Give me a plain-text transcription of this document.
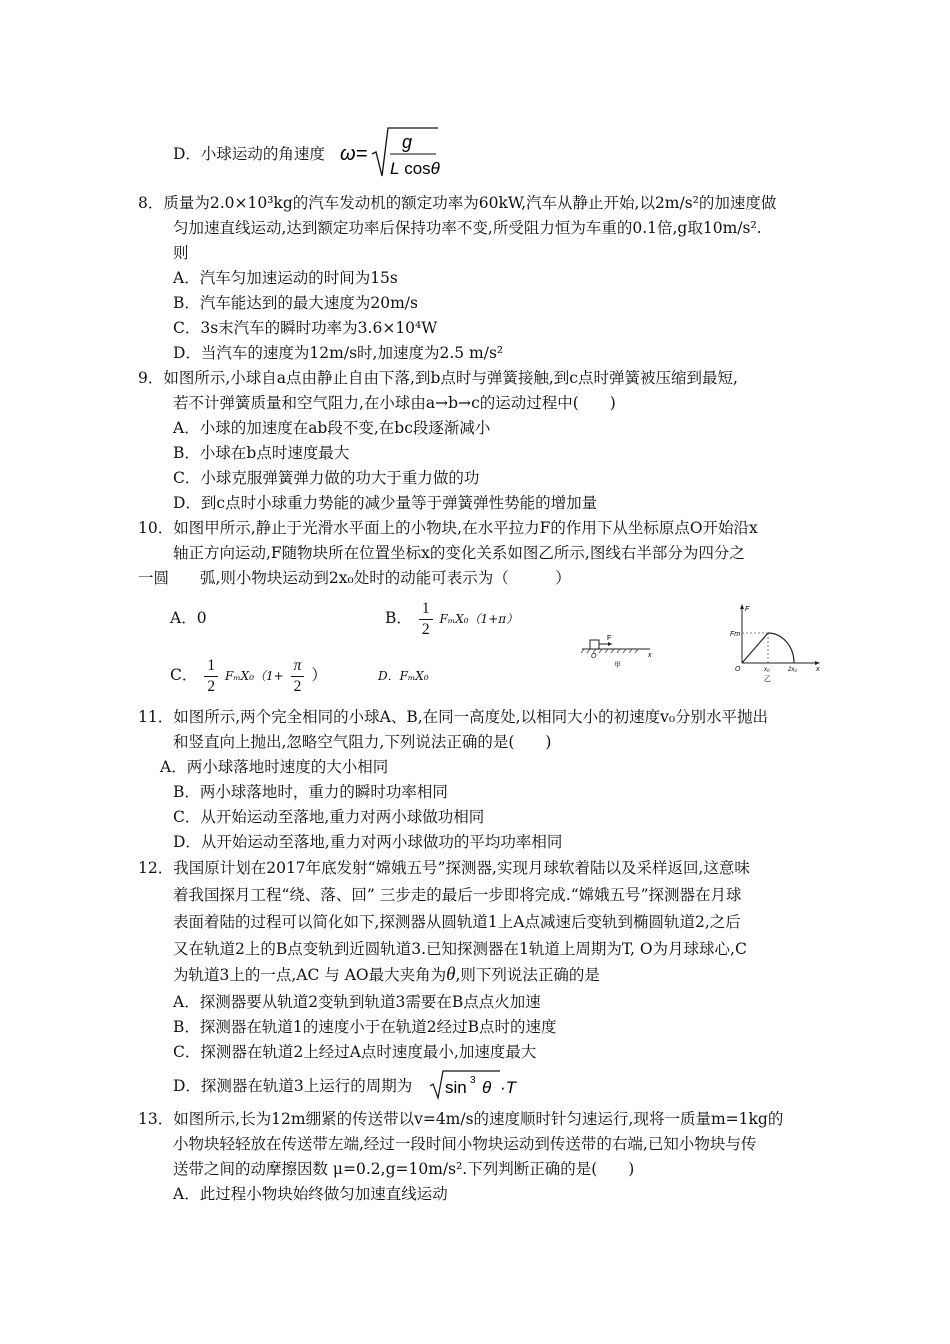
D．小球运动的角速度 ω =
g
L cosθ
8．质量为2.0×10³kg的汽车发动机的额定功率为60kW,汽车从静止开始,以2m/s²的加速度做
匀加速直线运动,达到额定功率后保持功率不变,所受阻力恒为车重的0.1倍,g取10m/s².
则
A．汽车匀加速运动的时间为15s
B．汽车能达到的最大速度为20m/s
C．3s末汽车的瞬时功率为3.6×10⁴W
D．当汽车的速度为12m/s时,加速度为2.5 m/s²
9．如图所示,小球自a点由静止自由下落,到b点时与弹簧接触,到c点时弹簧被压缩到最短,
若不计弹簧质量和空气阻力,在小球由a→b→c的运动过程中(　　)
A．小球的加速度在ab段不变,在bc段逐渐减小
B．小球在b点时速度最大
C．小球克服弹簧弹力做的功大于重力做的功
D．到c点时小球重力势能的减少量等于弹簧弹性势能的增加量
10．如图甲所示,静止于光滑水平面上的小物块,在水平拉力F的作用下从坐标原点O开始沿x
轴正方向运动,F随物块所在位置坐标x的变化关系如图乙所示,图线右半部分为四分之
一圆　　弧,则小物块运动到2x₀处时的动能可表示为（　　　）
A．0	B． $\frac{1}{2} F_mX_0(1+\pi)$
C． $\frac{1}{2} F_mX_0(1+ \frac{\pi}{2}$ ）	D．FₘX₀
F
O	x
甲
F
Fm
O	x₀	2x₀	x
乙
11．如图所示,两个完全相同的小球A、B,在同一高度处,以相同大小的初速度v₀分别水平抛出
和竖直向上抛出,忽略空气阻力,下列说法正确的是(　　)
A．两小球落地时速度的大小相同
B．两小球落地时，重力的瞬时功率相同
C．从开始运动至落地,重力对两小球做功相同
D．从开始运动至落地,重力对两小球做功的平均功率相同
12．我国原计划在2017年底发射“嫦娥五号”探测器,实现月球软着陆以及采样返回,这意味
着我国探月工程“绕、落、回” 三步走的最后一步即将完成.“嫦娥五号”探测器在月球
表面着陆的过程可以简化如下,探测器从圆轨道1上A点减速后变轨到椭圆轨道2,之后
又在轨道2上的B点变轨到近圆轨道3.已知探测器在1轨道上周期为T, O为月球球心,C
为轨道3上的一点,AC 与 AO最大夹角为θ,则下列说法正确的是
A．探测器要从轨道2变轨到轨道3需要在B点点火加速
B．探测器在轨道1的速度小于在轨道2经过B点时的速度
C．探测器在轨道2上经过A点时速度最小,加速度最大
D．探测器在轨道3上运行的周期为 sin 3 θ ·T
13．如图所示,长为12m绷紧的传送带以v=4m/s的速度顺时针匀速运行,现将一质量m=1kg的
小物块轻轻放在传送带左端,经过一段时间小物块运动到传送带的右端,已知小物块与传
送带之间的动摩擦因数 μ=0.2,g=10m/s².下列判断正确的是(　　)
A．此过程小物块始终做匀加速直线运动
